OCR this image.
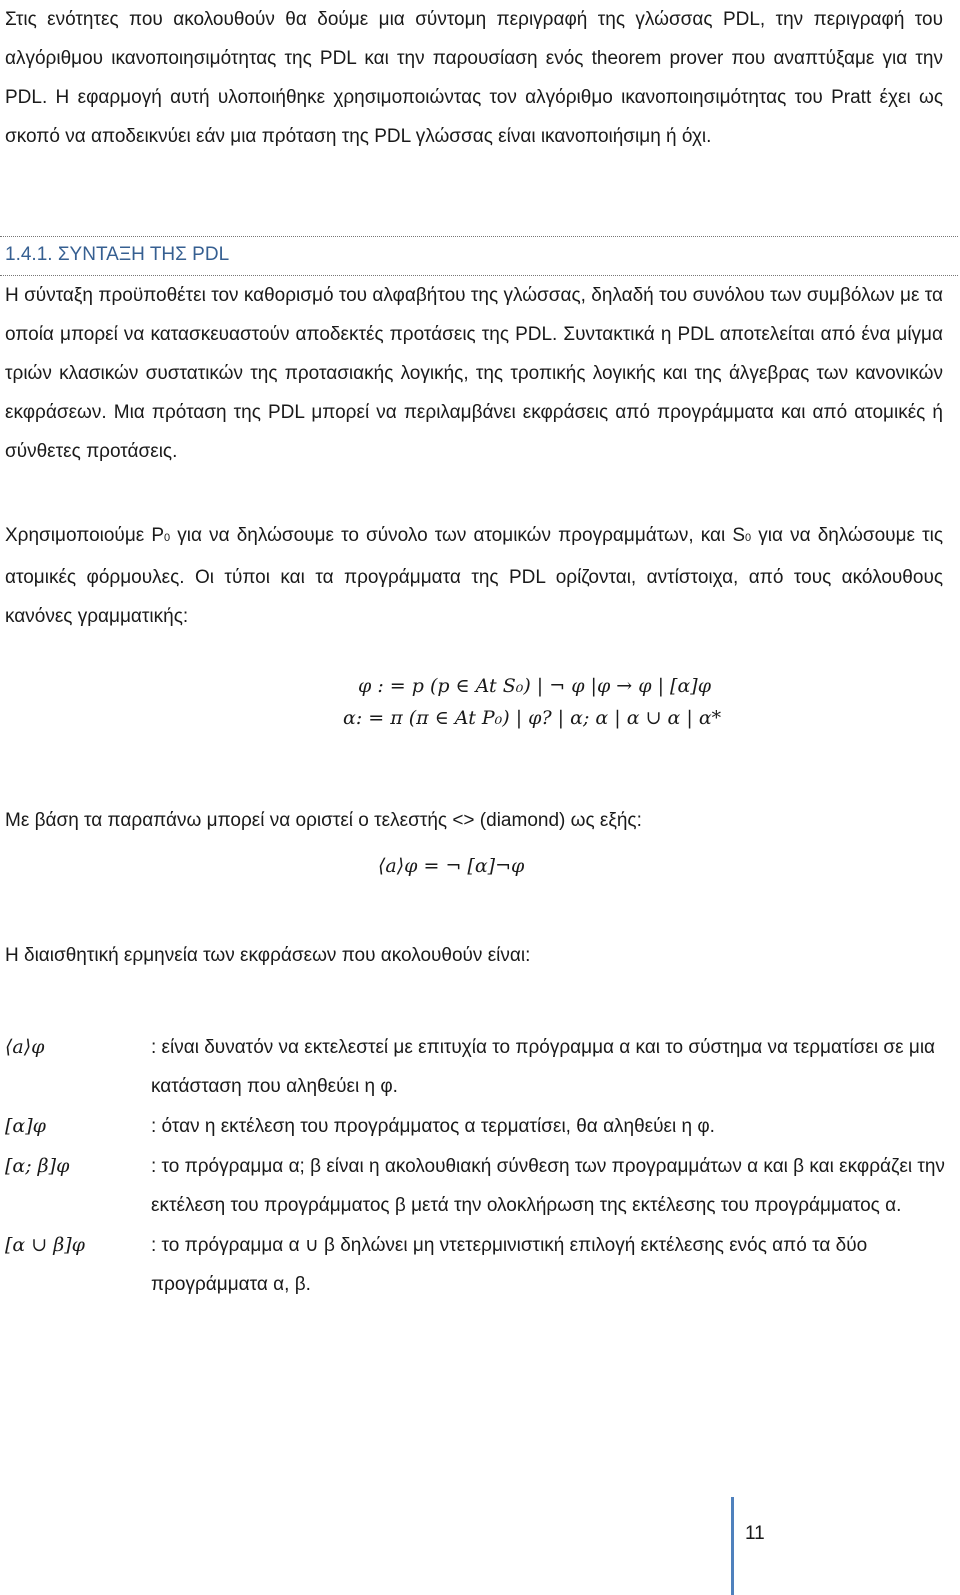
Στις ενότητες που ακολουθούν θα δούμε μια σύντομη περιγραφή της γλώσσας PDL, την περιγραφή του αλγόριθμου ικανοποιησιμότητας της PDL και την παρουσίαση ενός theorem prover που αναπτύξαμε για την PDL. Η εφαρμογή αυτή υλοποιήθηκε χρησιμοποιώντας τον αλγόριθμο ικανοποιησιμότητας του Pratt έχει ως σκοπό να αποδεικνύει εάν μια πρόταση της PDL γλώσσας είναι ικανοποιήσιμη ή όχι.

1.4.1. ΣΥΝΤΑΞΗ ΤΗΣ PDL

Η σύνταξη προϋποθέτει τον καθορισμό του αλφαβήτου της γλώσσας, δηλαδή του συνόλου των συμβόλων με τα οποία μπορεί να κατασκευαστούν αποδεκτές προτάσεις της PDL. Συντακτικά η PDL αποτελείται από ένα μίγμα τριών κλασικών συστατικών της προτασιακής λογικής, της τροπικής λογικής και της άλγεβρας των κανονικών εκφράσεων. Μια πρόταση της PDL μπορεί να περιλαμβάνει εκφράσεις από προγράμματα και από ατομικές ή σύνθετες προτάσεις.

Χρησιμοποιούμε P0 για να δηλώσουμε το σύνολο των ατομικών προγραμμάτων, και S0 για να δηλώσουμε τις ατομικές φόρμουλες. Οι τύποι και τα προγράμματα της PDL ορίζονται, αντίστοιχα, από τους ακόλουθους κανόνες γραμματικής:

φ : = p (p ∈ At S₀) | ¬ φ |φ → φ | [α]φ
α: = π (π ∈ At P₀) | φ? | α; α | α ∪ α | α*

Με βάση τα παραπάνω μπορεί να οριστεί ο τελεστής <> (diamond) ως εξής:

⟨a⟩φ = ¬ [α]¬φ

Η διαισθητική ερμηνεία των εκφράσεων που ακολουθούν είναι:

⟨a⟩φ	: είναι δυνατόν να εκτελεστεί με επιτυχία το πρόγραμμα α και το σύστημα να τερματίσει σε μια κατάσταση που αληθεύει η φ.
[α]φ	: όταν η εκτέλεση του προγράμματος α τερματίσει, θα αληθεύει η φ.
[α; β]φ	: το πρόγραμμα α; β είναι η ακολουθιακή σύνθεση των προγραμμάτων α και β και εκφράζει την εκτέλεση του προγράμματος β μετά την ολοκλήρωση της εκτέλεσης του προγράμματος α.
[α ∪ β]φ	: το πρόγραμμα α ∪ β δηλώνει μη ντετερμινιστική επιλογή εκτέλεσης ενός από τα δύο προγράμματα α, β.
11
